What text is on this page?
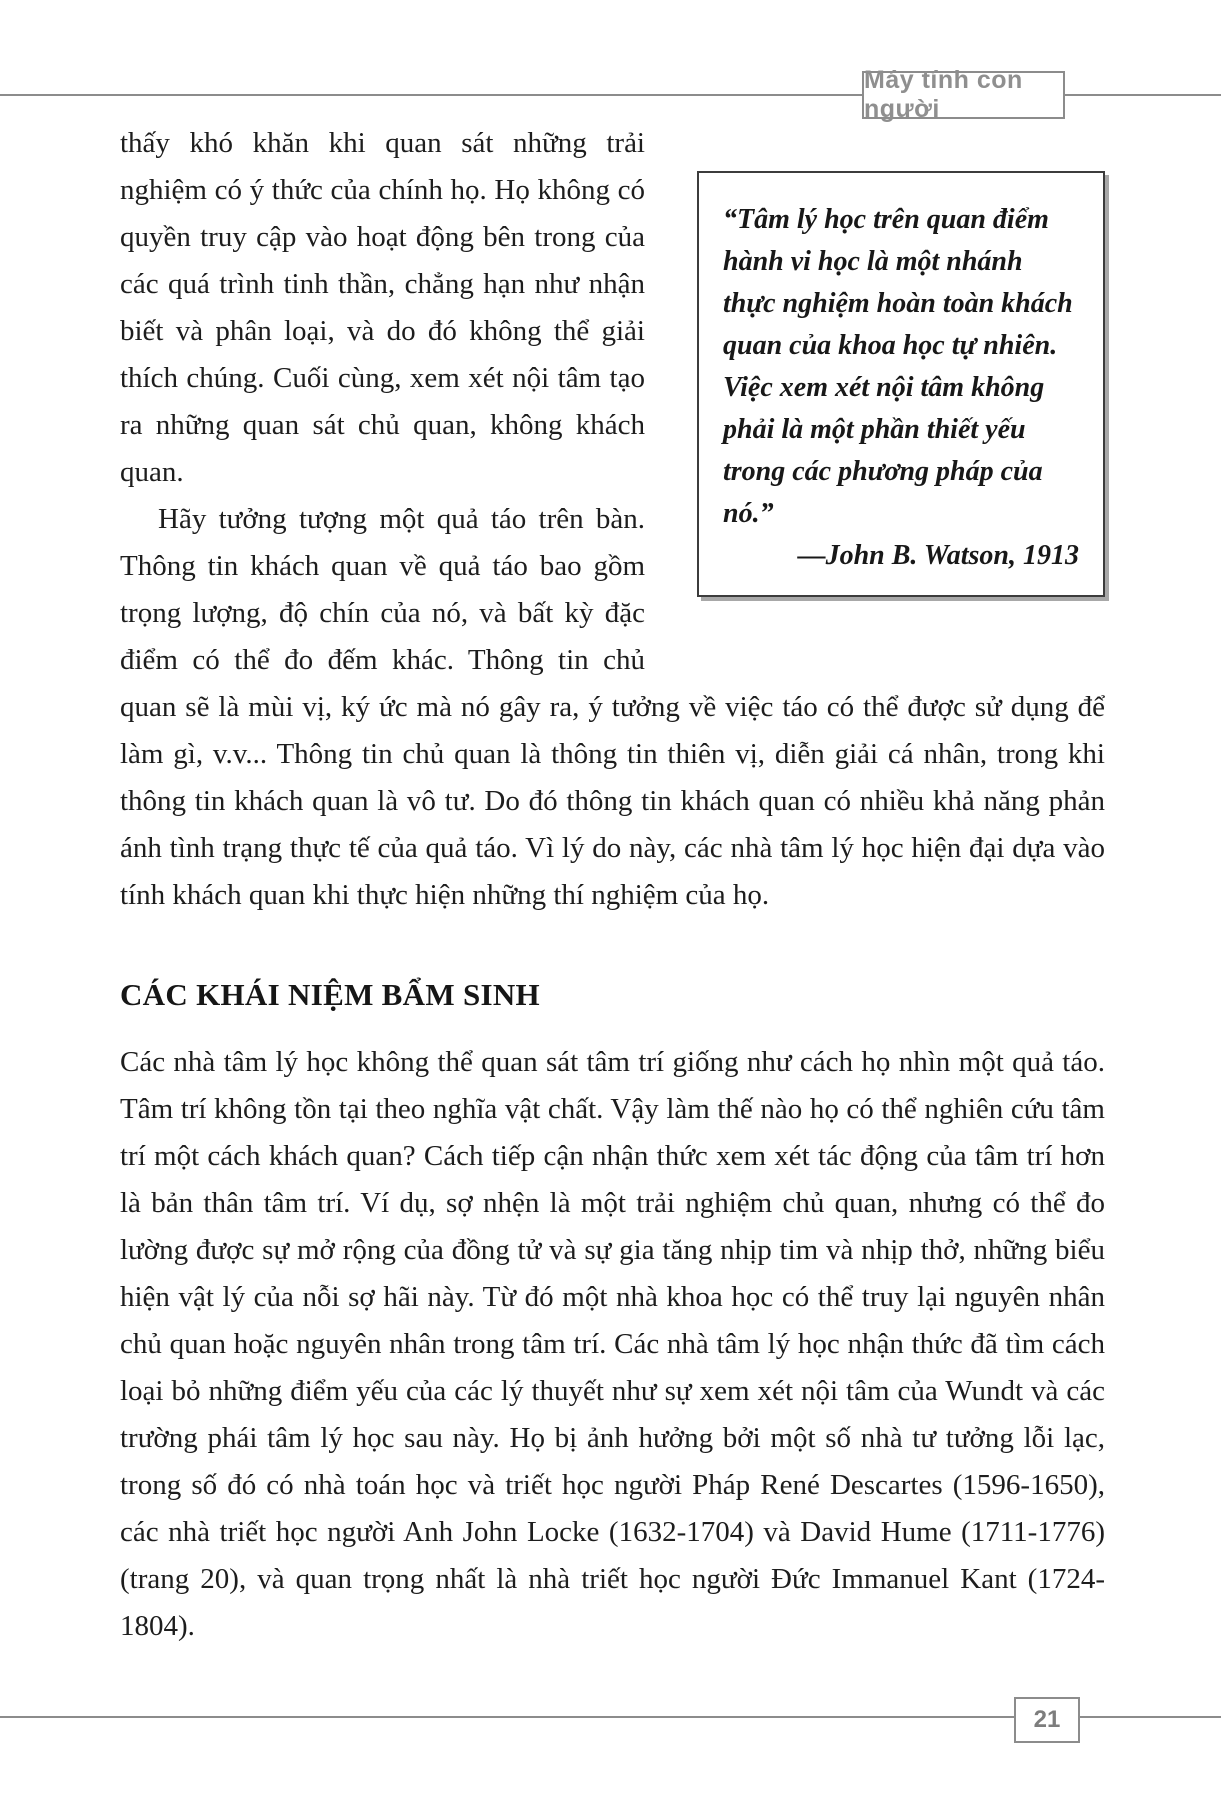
Máy tính con người
“Tâm lý học trên quan điểm hành vi học là một nhánh thực nghiệm hoàn toàn khách quan của khoa học tự nhiên. Việc xem xét nội tâm không phải là một phần thiết yếu trong các phương pháp của nó.”
—John B. Watson, 1913

thấy khó khăn khi quan sát những trải nghiệm có ý thức của chính họ. Họ không có quyền truy cập vào hoạt động bên trong của các quá trình tinh thần, chẳng hạn như nhận biết và phân loại, và do đó không thể giải thích chúng. Cuối cùng, xem xét nội tâm tạo ra những quan sát chủ quan, không khách quan.

Hãy tưởng tượng một quả táo trên bàn. Thông tin khách quan về quả táo bao gồm trọng lượng, độ chín của nó, và bất kỳ đặc điểm có thể đo đếm khác. Thông tin chủ quan sẽ là mùi vị, ký ức mà nó gây ra, ý tưởng về việc táo có thể được sử dụng để làm gì, v.v... Thông tin chủ quan là thông tin thiên vị, diễn giải cá nhân, trong khi thông tin khách quan là vô tư. Do đó thông tin khách quan có nhiều khả năng phản ánh tình trạng thực tế của quả táo. Vì lý do này, các nhà tâm lý học hiện đại dựa vào tính khách quan khi thực hiện những thí nghiệm của họ.

CÁC KHÁI NIỆM BẨM SINH

Các nhà tâm lý học không thể quan sát tâm trí giống như cách họ nhìn một quả táo. Tâm trí không tồn tại theo nghĩa vật chất. Vậy làm thế nào họ có thể nghiên cứu tâm trí một cách khách quan? Cách tiếp cận nhận thức xem xét tác động của tâm trí hơn là bản thân tâm trí. Ví dụ, sợ nhện là một trải nghiệm chủ quan, nhưng có thể đo lường được sự mở rộng của đồng tử và sự gia tăng nhịp tim và nhịp thở, những biểu hiện vật lý của nỗi sợ hãi này. Từ đó một nhà khoa học có thể truy lại nguyên nhân chủ quan hoặc nguyên nhân trong tâm trí. Các nhà tâm lý học nhận thức đã tìm cách loại bỏ những điểm yếu của các lý thuyết như sự xem xét nội tâm của Wundt và các trường phái tâm lý học sau này. Họ bị ảnh hưởng bởi một số nhà tư tưởng lỗi lạc, trong số đó có nhà toán học và triết học người Pháp René Descartes (1596-1650), các nhà triết học người Anh John Locke (1632-1704) và David Hume (1711-1776) (trang 20), và quan trọng nhất là nhà triết học người Đức Immanuel Kant (1724-1804).

21
